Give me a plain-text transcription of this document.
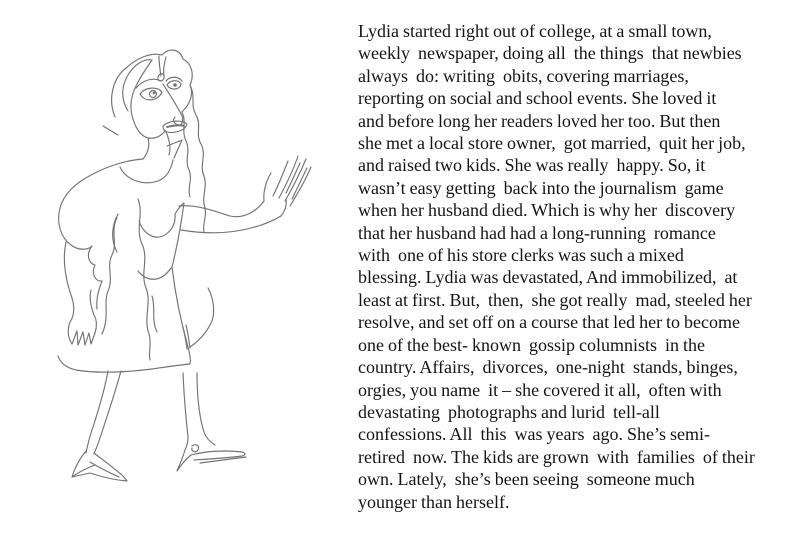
Lydia started right out of college, at a small town,
weekly  newspaper, doing all  the things  that newbies
always  do: writing  obits, covering marriages,
reporting on social and school events. She loved it
and before long her readers loved her too. But then
she met a local store owner,  got married,  quit her job,
and raised two kids. She was really  happy. So, it
wasn’t easy getting  back into the journalism  game
when her husband died. Which is why her  discovery
that her husband had had a long-running  romance
with  one of his store clerks was such a mixed
blessing. Lydia was devastated, And immobilized,  at
least at first. But,  then,  she got really  mad, steeled her
resolve, and set off on a course that led her to become
one of the best- known  gossip columnists  in the
country. Affairs,  divorces,  one-night  stands, binges,
orgies, you name  it – she covered it all,  often with
devastating  photographs and lurid  tell-all
confessions. All  this  was years  ago. She’s semi-
retired  now. The kids are grown  with  families  of their
own. Lately,  she’s been seeing  someone much
younger than herself.
